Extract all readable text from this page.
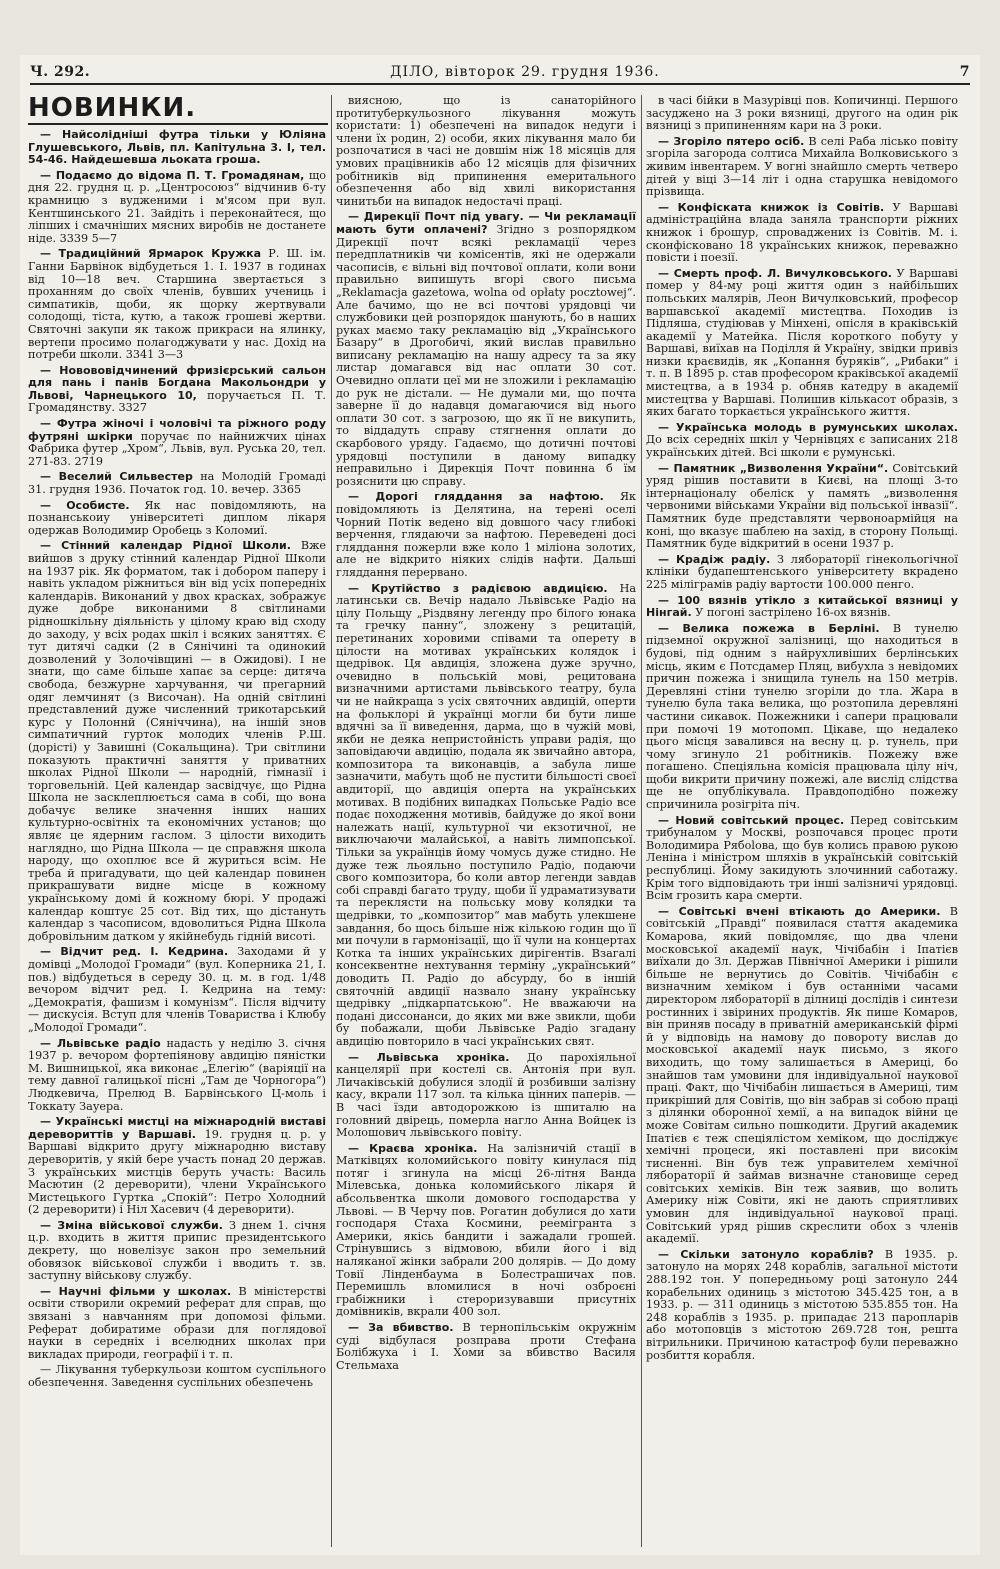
Ч. 292.	ДІЛО, вівторок 29. грудня 1936.	7
НОВИНКИ.

— Найсолідніші футра тільки у Юліяна Глушевського, Львів, пл. Капітульна 3. І, тел. 54-46. Найдешевша льоката гроша.

— Подаємо до відома П. Т. Громадянам, що дня 22. грудня ц. р. „Центросоюз“ відчинив 6-ту крамницю з вудженими і м'ясом при вул. Кентшинського 21. Зайдіть і переконайтеся, що ліпших і смачніших мясних виробів не достанете ніде. 3339 5—7

— Традиційний Ярмарок Кружка Р. Ш. ім. Ганни Барвінок відбудеться 1. І. 1937 в годинах від 10—18 веч. Старшина звертається з проханням до своїх членів, бувших учениць і симпатиків, щоби, як щорку жертвували солодощі, тіста, кутю, а також грошеві жертви. Святочні закупи як також прикраси на ялинку, вертепи просимо полагоджувати у нас. Дохід на потреби школи. 3341 3—3

— Новововідчинений фризієрський сальон для пань і панів Богдана Макольондри у Львові, Чарнецького 10, поручається П. Т. Громадянству. 3327

— Футра жіночі і чоловічі та ріжного роду футряні шкірки поручає по найнижчих цінах Фабрика футер „Хром“, Львів, вул. Руська 20, тел. 271-83. 2719

— Веселий Сильвестер на Молодій Громаді 31. грудня 1936. Початок год. 10. вечер. 3365

— Особисте. Як нас повідомляють, на познанськоиу університеті диплом лікаря одержав Володимир Оробець з Коломиї.

— Стінний календар Рідної Школи. Вже вийшов з друку стінний календар Рідної Школи на 1937 рік. Як форматом, так і добором паперу і навіть укладом ріжниться він від усіх попередніх календарів. Виконаний у двох красках, зображує дуже добре виконаними 8 світлинами рідношкільну діяльність у цілому краю від сходу до заходу, у всіх родах шкіл і всяких заняттях. Є тут дитячі садки (2 в Сянічині та одинокий дозволений у Золочівщині — в Ожидові). І не знати, що саме більше хапає за серце: дитяча свобода, безжурне харчування, чи прегарний одяг лемчинят (з Височан). На одній світлині представлений дуже численний трикотарський курс у Полоннй (Сяніччина), на іншій знов симпатичний гурток молодих членів Р.Ш. (дорісті) у Завишні (Сокальщина). Три світлини показують практичні заняття у приватних школах Рідної Школи — народній, гімназії і торговельній. Цей календар засвідчує, що Рідна Школа не засклеплюється сама в собі, що вона добачує велике значення інших наших культурно-освітніх та економічних установ; що являє це ядерним гаслом. З цілости виходить наглядно, що Рідна Школа — це справжня школа народу, що охоплює все й журиться всім. Не треба й пригадувати, що цей календар повинен прикрашувати видне місце в кожному українському домі й кожному бюрі. У продажі календар коштує 25 сот. Від тих, що дістануть календар з часописом, вдоволиться Рідна Школа добровільним датком у якійнебудь гідній висоті.

— Відчит ред. І. Кедрина. Заходами й у домівці „Молодої Громади“ (вул. Коперника 21, І. пов.) відбудеться в середу 30. ц. м. в год. 1/48 вечором відчит ред. І. Кедрина на тему: „Демократія, фашизм і комунізм“. Після відчиту — дискусія. Вступ для членів Товариства і Клюбу „Молодої Громади“.

— Львівське радіо надасть у неділю 3. січня 1937 р. вечором фортепіянову авдицію пяністки М. Вишницької, яка виконає „Елегію“ (варіяції на тему давної галицької пісні „Там де Чорногора“) Людкевича, Прелюд В. Барвінського Ц-моль і Токкату Зауера.

— Українські мистці на міжнародній виставі деревориттів у Варшаві. 19. грудня ц. р. у Варшаві відкрито другу міжнародню виставу дереворитів, у якій бере участь понад 20 держав. З українських мистців беруть участь: Василь Масютин (2 дереворити), члени Українського Мистецького Гуртка „Спокій“: Петро Холодний (2 дереворити) і Ніл Хасевич (4 дереворити).

— Зміна військової служби. З днем 1. січня ц.р. входить в життя припис президентського декрету, що новелізує закон про земельний обовязок військової служби і вводить т. зв. заступну військову службу.

— Научні фільми у школах. В міністерстві освіти створили окремий реферат для справ, що звязані з навчанням при допомозі фільми. Реферат добиратиме образи для поглядової науки в середніх і вселюдних школах при викладах природи, географії і т. п.

— Лікування туберкульози коштом суспільного обезпечення. Заведення суспільних обезпечень

виясною, що із санаторійного протитуберкульозного лікування можуть користати: 1) обезпечені на випадок недуги і члени їх родин, 2) особи, яких лікування мало би розпочатися в часі не довшім ніж 18 місяців для умових працівників або 12 місяців для фізичних робітників від припинення емеритального обезпечення або від хвилі використання чинитьби на випадок недостачі праці.

— Дирекції Почт під увагу. — Чи рекламації мають бути оплачені? Згідно з розпорядком Дирекції почт всякі рекламації через передплатників чи комісентів, які не одержали часописів, є вільні від почтової оплати, коли вони правильно випишуть вгорі свого письма „Reklamacja gazetowa, wolna od opłaty pocztowej“. Але бачимо, що не всі почтові урядовці чи службовики цей розпорядок шанують, бо в наших руках маємо таку рекламацію від „Українського Базару“ в Дрогобичі, який вислав правильно виписану рекламацію на нашу адресу та за яку листар домагався від нас оплати 30 сот. Очевидно оплати цеї ми не зложили і рекламацію до рук не дістали. — Не думали ми, що почта заверне її до надавця домагаючися від нього оплати 30 сот. з загрозою, що як її не викупить, то віддадуть справу стягнення оплати до скарбового уряду. Гадаємо, що дотичні почтові урядовці поступили в даному випадку неправильно і Дирекція Почт повинна б їм розяснити цю справу.

— Дорогі гляддання за нафтою. Як повідомляють із Делятина, на терені оселі Чорний Потік ведено від довшого часу глибокі верчення, глядаючи за нафтою. Переведені досі гляддання пожерли вже коло 1 міліона золотих, але не відкрито ніяких слідів нафти. Дальші гляддання перервано.

— Крутійство з радієвою авдицією. На латинськи св. Вечір надало Львівське Радіо на цілу Польщу „Різдвяну легенду про білого юнака та гречку панну“, зложену з рецитацій, перетинаних хоровими співами та оперету в цілости на мотивах українських колядок і щедрівок. Ця авдиція, зложена дуже зручно, очевидно в польській мові, рецитована визначними артистами львівського театру, була чи не найкраща з усіх святочних авдицій, оперти на фольклорі й українці могли би бути лише вдячні за її виведення, дарма, що в чужій мові, якби не деяка непристойність управи радія, що заповідаючи авдицію, подала як звичайно автора, композитора та виконавців, а забула лише зазначити, мабуть щоб не пустити більшості своєї авдиторії, що авдиція оперта на українських мотивах. В подібних випадках Польське Радіо все подає походження мотивів, байдуже до якої вони належать нації, культурної чи екзотичної, не виключаючи малайської, а навіть лимпопської. Тільки за українців йому чомусь дуже стидно. Не дуже теж льояльно поступило Радіо, подаючи свого композитора, бо коли автор легенди завдав собі справді багато труду, щоби її удраматизувати та переклясти на польську мову колядки та щедрівки, то „композитор“ мав мабуть улекшене завдання, бо щось більше ніж кількою годин що її ми почули в гармонізації, що її чули на концертах Котка та інших українських дирігентів. Взагалі консеквентне нехтування терміну „український“ доводить П. Радіо до абсурду, бо в іншій святочній авдиції назвало знану українську щедрівку „підкарпатською“. Не вважаючи на подані диссонанси, до яких ми вже звикли, щоби бу побажали, щоби Львівське Радіо згадану авдицію повторило в часі українських свят.

— Львівська хроніка. До парохіяльної канцелярії при костелі св. Антонія при вул. Личаківській добулися злодії й розбивши залізну касу, вкрали 117 зол. та кілька цінних паперів. — В часі їзди автодорожкою із шпиталю на головний двірець, померла нагло Анна Войцек із Молошович львівського повіту.

— Краєва хроніка. На залізничій стації в Матківцях коломийського повіту кинулася під потяг і згинула на місці 26-літня Ванда Мілевська, донька коломийського лікаря й абсольвентка школи домового господарства у Львові. — В Черчу пов. Рогатин добулися до хати господаря Стаха Космини, реемігранта з Америки, якісь бандити і зажадали грошей. Стрінувшись з відмовою, вбили його і від наляканої жінки забрали 200 долярів. — До дому Товії Лінденбаума в Болестрашичах пов. Перемишль вломилися в ночі озброєні грабіжники і стероризувавши присутніх домівників, вкрали 400 зол.

— За вбивство. В тернопільськім окружнім суді відбулася розправа проти Стефана Болібжуха і І. Хоми за вбивство Василя Стельмаха

в часі бійки в Мазурівці пов. Копичинці. Першого засуджено на 3 роки вязниці, другого на один рік вязниці з припиненням кари на 3 роки.

— Згоріло пятеро осіб. В селі Раба лісько повіту згоріла загорода солтиса Михайла Волковиського з живим інвентарем. У вогні знайшло смерть четверо дітей у віці 3—14 літ і одна старушка невідомого прізвища.

— Конфіската книжок із Совітів. У Варшаві адміністраційна влада заняла транспорти ріжних книжок і брошур, спроваджених із Совітів. М. і. сконфісковано 18 українських книжок, переважно повісти і поезії.

— Смерть проф. Л. Вичулковського. У Варшаві помер у 84-му році життя один з найбільших польських малярів, Леон Вичулковський, професор варшавської академії мистецтва. Походив із Підляша, студіював у Мінхені, опісля в краківській академії у Матейка. Після короткого побуту у Варшаві, виїхав на Поділля й Україну, звідки привіз низки краєвидів, як „Копання буряків“, „Рибаки“ і т. п. В 1895 р. став професором краківської академії мистецтва, а в 1934 р. обняв катедру в академії мистецтва у Варшаві. Полишив кількасот образів, з яких багато торкається українського життя.

— Українська молодь в румунських школах. До всіх середніх шкіл у Чернівцях є записаних 218 українських дітей. Всі школи є румунські.

— Памятник „Визволення України“. Совітський уряд рішив поставити в Києві, на площі 3-то інтернаціоналу обеліск у память „визволення червоними військами України від польської інвазії“. Памятник буде представляти червоноармійця на коні, що вказує шаблею на захід, в сторону Польщі. Памятник буде відкритий в осени 1937 р.

— Крадіж радіу. З лябораторії гінекольогічної клініки будапештенського університету вкрадено 225 міліграмів радіу вартости 100.000 пенго.

— 100 вязнів утікло з китайської вязниці у Нінгай. У погоні застрілено 16-ох вязнів.

— Велика пожежа в Берліні. В тунелю підземної окружної залізниці, що находиться в будові, під одним з найрухливіших берлінських місць, яким є Потсдамер Пляц, вибухла з невідомих причин пожежа і знищила тунель на 150 метрів. Деревляні стіни тунелю згоріли до тла. Жара в тунелю була така велика, що розтопила деревляні частини сикавок. Пожежники і сапери працювали при помочі 19 мотопомп. Цікаве, що недалеко цього місця завалився на весну ц. р. тунель, при чому згинуло 21 робітників. Пожежу вже погашено. Спеціяльна комісія працювала цілу ніч, щоби викрити причину пожежі, але вислід слідства ще не опублікувала. Правдоподібно пожежу спричинила розігріта піч.

— Новий совітський процес. Перед совітським трибуналом у Москві, розпочався процес проти Володимира Рябolова, що був колись правою рукою Леніна і міністром шляхів в українській совітській республиці. Йому закидують злочинний саботажу. Крім того відповідають три інші залізничі урядовці. Всім грозить кара смерти.

— Совітські вчені втікають до Америки. В совітській „Правді“ появилася стаття академика Комарова, який повідомляє, що два члени московської академії наук, Чічібабін і Іпатієв виїхали до Зл. Держав Північної Америки і рішили більше не вернутись до Совітів. Чічібабін є визначним хеміком і був останніми часами директором лябораторії в ділниці дослідів і синтези ростинних і звіриних продуктів. Як пише Комаров, він приняв посаду в приватній американській фірмі й у відповідь на намову до повороту вислав до московської академії наук письмо, з якого виходить, що тому залишається в Америці, бо знайшов там умовини для індивідуальної наукової праці. Факт, що Чічібабін лишається в Америці, тим прикріший для Совітів, що він забрав зі собою праці з ділянки оборонної хемії, а на випадок війни це може Совітам сильно пошкодити. Другий академик Іпатієв є теж спеціялістом хеміком, що досліджує хемічні процеси, які поставлені при високім тисненні. Він був теж управителем хемічної лябораторії й займав визначне становище серед совітських хеміків. Він теж заявив, що волить Америку ніж Совіти, які не дають сприятливих умовин для індивідуальної наукової праці. Совітський уряд рішив скреслити обох з членів академії.

— Скільки затонуло кораблів? В 1935. р. затонуло на морях 248 кораблів, загальної містоти 288.192 тон. У попередньому році затонуло 244 корабельних одиниць з містотою 345.425 тон, а в 1933. р. — 311 одиниць з містотою 535.855 тон. На 248 кораблів з 1935. р. припадає 213 паропларів або мотоповців з містотою 269.728 тон, решта вітрильники. Причиною катастроф були переважно розбиття корабля.
